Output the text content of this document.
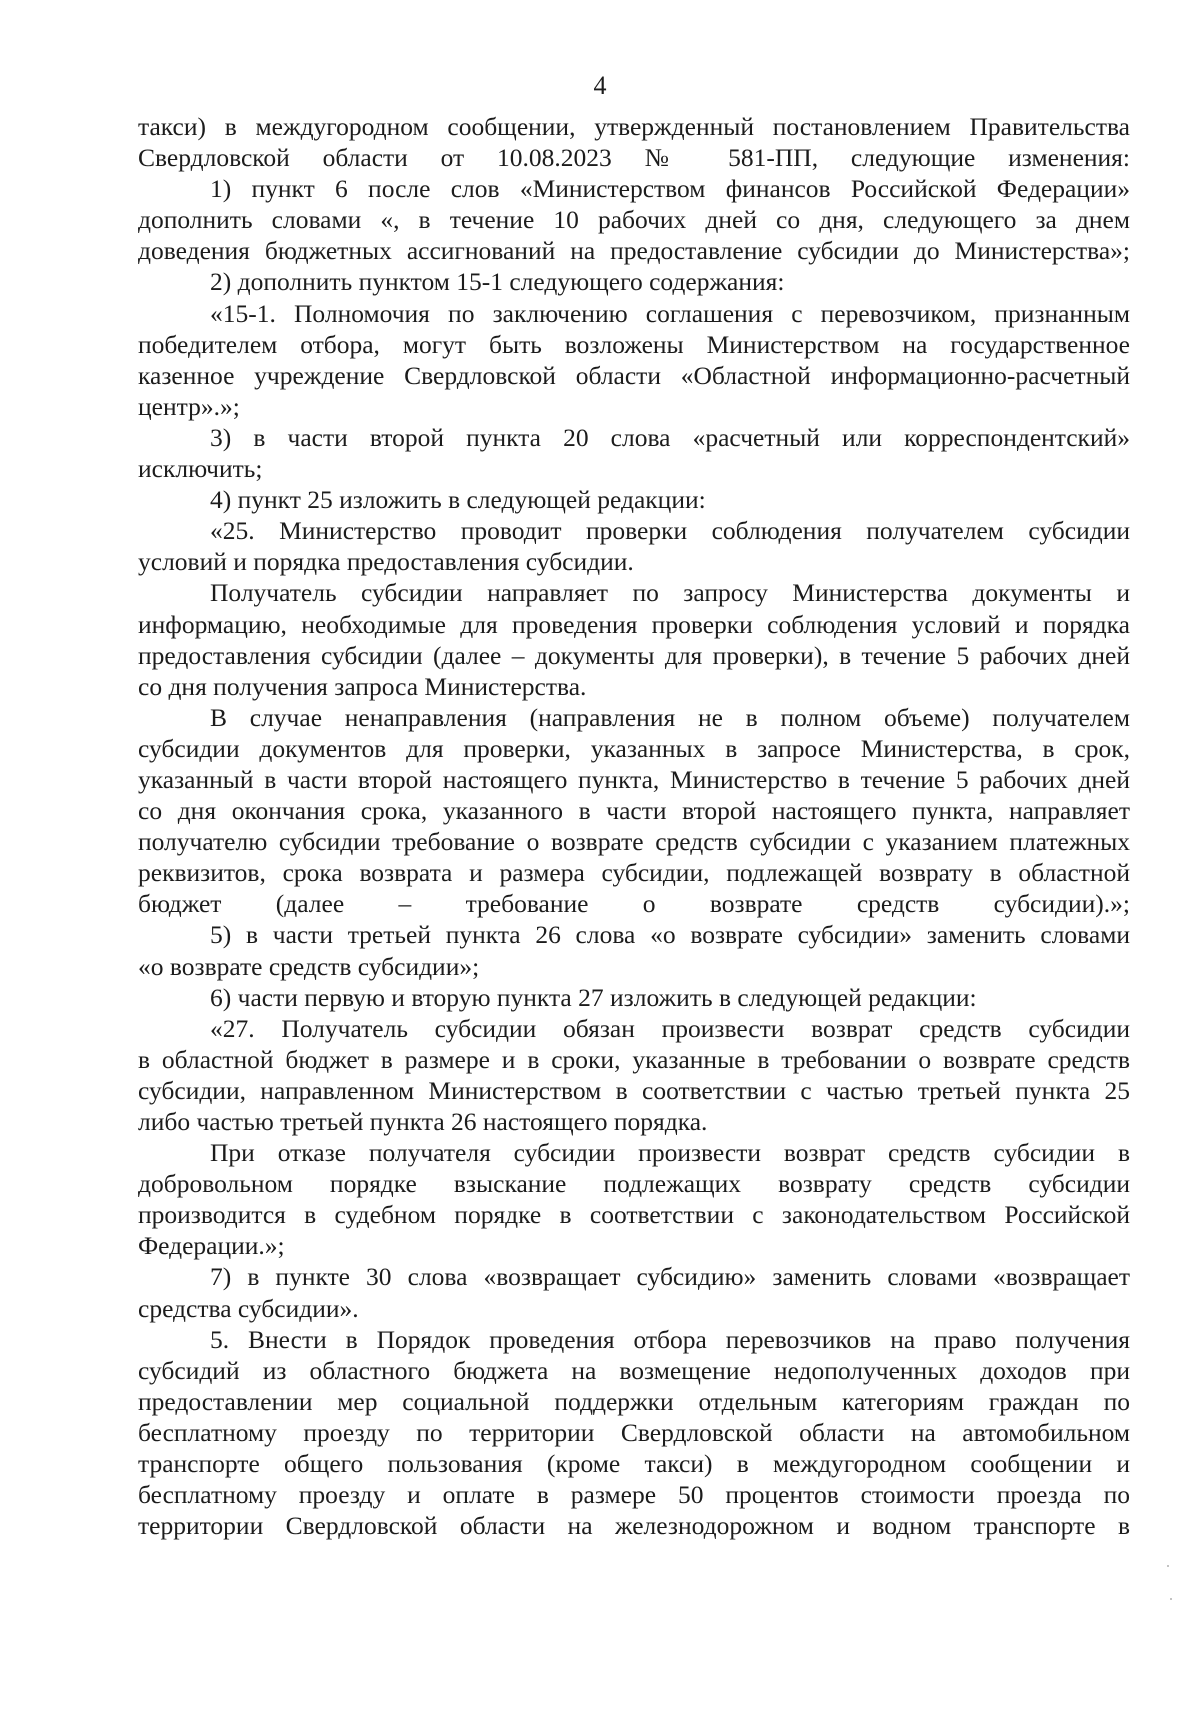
4

такси) в междугородном сообщении, утвержденный постановлением Правительства

Свердловской области от 10.08.2023 № 581-ПП, следующие изменения:

1) пункт 6 после слов «Министерством финансов Российской Федерации»

дополнить словами «, в течение 10 рабочих дней со дня, следующего за днем

доведения бюджетных ассигнований на предоставление субсидии до Министерства»;

2) дополнить пунктом 15-1 следующего содержания:

«15-1. Полномочия по заключению соглашения с перевозчиком, признанным

победителем отбора, могут быть возложены Министерством на государственное

казенное учреждение Свердловской области «Областной информационно-расчетный

центр».»;

3) в части второй пункта 20 слова «расчетный или корреспондентский»

исключить;

4) пункт 25 изложить в следующей редакции:

«25. Министерство проводит проверки соблюдения получателем субсидии

условий и порядка предоставления субсидии.

Получатель субсидии направляет по запросу Министерства документы и

информацию, необходимые для проведения проверки соблюдения условий и порядка

предоставления субсидии (далее – документы для проверки), в течение 5 рабочих дней

со дня получения запроса Министерства.

В случае ненаправления (направления не в полном объеме) получателем

субсидии документов для проверки, указанных в запросе Министерства, в срок,

указанный в части второй настоящего пункта, Министерство в течение 5 рабочих дней

со дня окончания срока, указанного в части второй настоящего пункта, направляет

получателю субсидии требование о возврате средств субсидии с указанием платежных

реквизитов, срока возврата и размера субсидии, подлежащей возврату в областной

бюджет (далее – требование о возврате средств субсидии).»;

5) в части третьей пункта 26 слова «о возврате субсидии» заменить словами

«о возврате средств субсидии»;

6) части первую и вторую пункта 27 изложить в следующей редакции:

«27. Получатель субсидии обязан произвести возврат средств субсидии

в областной бюджет в размере и в сроки, указанные в требовании о возврате средств

субсидии, направленном Министерством в соответствии с частью третьей пункта 25

либо частью третьей пункта 26 настоящего порядка.

При отказе получателя субсидии произвести возврат средств субсидии в

добровольном порядке взыскание подлежащих возврату средств субсидии

производится в судебном порядке в соответствии с законодательством Российской

Федерации.»;

7) в пункте 30 слова «возвращает субсидию» заменить словами «возвращает

средства субсидии».

5. Внести в Порядок проведения отбора перевозчиков на право получения

субсидий из областного бюджета на возмещение недополученных доходов при

предоставлении мер социальной поддержки отдельным категориям граждан по

бесплатному проезду по территории Свердловской области на автомобильном

транспорте общего пользования (кроме такси) в междугородном сообщении и

бесплатному проезду и оплате в размере 50 процентов стоимости проезда по

территории Свердловской области на железнодорожном и водном транспорте в
